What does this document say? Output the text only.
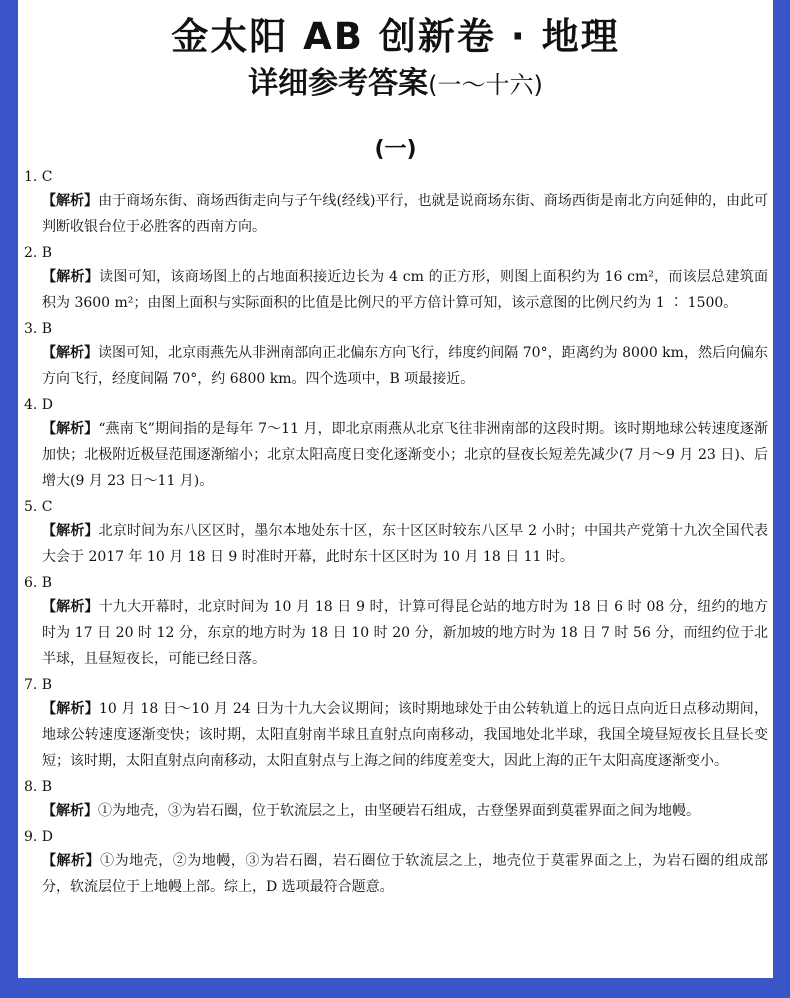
金太阳 AB 创新卷 · 地理
详细参考答案(一～十六)
(一)
1. C
【解析】由于商场东街、商场西街走向与子午线(经线)平行，也就是说商场东街、商场西街是南北方向延伸的，由此可判断收银台位于必胜客的西南方向。
2. B
【解析】读图可知，该商场图上的占地面积接近边长为 4 cm 的正方形，则图上面积约为 16 cm²，而该层总建筑面积为 3600 m²；由图上面积与实际面积的比值是比例尺的平方倍计算可知，该示意图的比例尺约为 1 ∶ 1500。
3. B
【解析】读图可知，北京雨燕先从非洲南部向正北偏东方向飞行，纬度约间隔 70°，距离约为 8000 km，然后向偏东方向飞行，经度间隔 70°，约 6800 km。四个选项中，B 项最接近。
4. D
【解析】“燕南飞”期间指的是每年 7～11 月，即北京雨燕从北京飞往非洲南部的这段时期。该时期地球公转速度逐渐加快；北极附近极昼范围逐渐缩小；北京太阳高度日变化逐渐变小；北京的昼夜长短差先减少(7 月～9 月 23 日)、后增大(9 月 23 日～11 月)。
5. C
【解析】北京时间为东八区区时，墨尔本地处东十区，东十区区时较东八区早 2 小时；中国共产党第十九次全国代表大会于 2017 年 10 月 18 日 9 时准时开幕，此时东十区区时为 10 月 18 日 11 时。
6. B
【解析】十九大开幕时，北京时间为 10 月 18 日 9 时，计算可得昆仑站的地方时为 18 日 6 时 08 分，纽约的地方时为 17 日 20 时 12 分，东京的地方时为 18 日 10 时 20 分，新加坡的地方时为 18 日 7 时 56 分，而纽约位于北半球，且昼短夜长，可能已经日落。
7. B
【解析】10 月 18 日～10 月 24 日为十九大会议期间；该时期地球处于由公转轨道上的远日点向近日点移动期间，地球公转速度逐渐变快；该时期，太阳直射南半球且直射点向南移动，我国地处北半球，我国全境昼短夜长且昼长变短；该时期，太阳直射点向南移动，太阳直射点与上海之间的纬度差变大，因此上海的正午太阳高度逐渐变小。
8. B
【解析】①为地壳，③为岩石圈，位于软流层之上，由坚硬岩石组成，古登堡界面到莫霍界面之间为地幔。
9. D
【解析】①为地壳，②为地幔，③为岩石圈，岩石圈位于软流层之上，地壳位于莫霍界面之上，为岩石圈的组成部分，软流层位于上地幔上部。综上，D 选项最符合题意。
